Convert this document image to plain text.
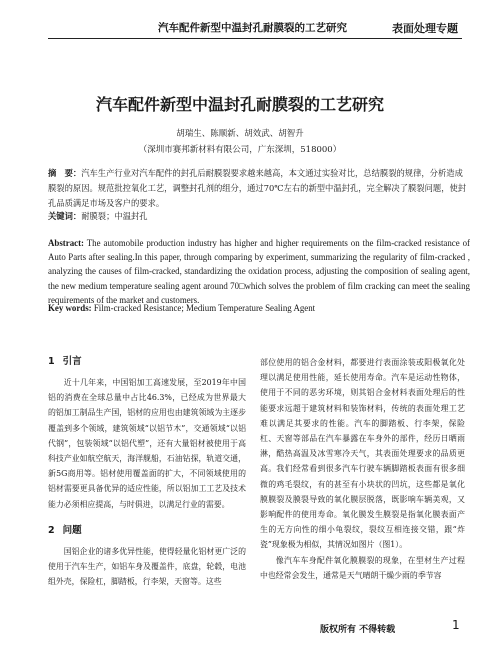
汽车配件新型中温封孔耐膜裂的工艺研究	表面处理专题
汽车配件新型中温封孔耐膜裂的工艺研究
胡瑞生、陈顺新、胡效武、胡智升
（深圳市赛邦新材料有限公司，广东深圳，518000）
摘　要：汽车生产行业对汽车配件的封孔后耐膜裂要求越来越高，本文通过实验对比，总结膜裂的规律，分析造成膜裂的原因。规范批控氧化工艺，调整封孔剂的组分，通过70℃左右的新型中温封孔，完全解决了膜裂问题，使封孔品质满足市场及客户的要求。
关键词：耐膜裂；中温封孔
Abstract: The automobile production industry has higher and higher requirements on the film-cracked resistance of Auto Parts after sealing.In this paper, through comparing by experiment, summarizing the regularity of film-cracked , analyzing the causes of film-cracked, standardizing the oxidation process, adjusting the composition of sealing agent, the new medium temperature sealing agent around 70□which solves the problem of film cracking can meet the sealing requirements of the market and customers.
Key words: Film-cracked Resistance; Medium Temperature Sealing Agent
1 引言

近十几年来，中国铝加工高速发展，至2019年中国铝的消费在全球总量中占比46.3%，已经成为世界最大的铝加工制品生产国，铝材的应用也由建筑领域为主逐步覆盖到多个领域，建筑领域“以铝节木”，交通领域“以铝代钢”，包装领域“以铝代塑”，还有大量铝材被使用于高科技产业如航空航天，海洋舰船，石油钻探，轨道交通，新5G商用等。铝材使用覆盖面的扩大，不同领域使用的铝材需要更具备优异的适应性能，所以铝加工工艺及技术能力必须相应提高，与时俱进，以满足行业的需要。

2 问题

国铝企业的诸多优异性能，使得轻量化铝材更广泛的使用于汽车生产，如铝车身及覆盖件，底盘，轮毂，电池组外壳，保险杠，脚踏板，行李架，天窗等。这些

部位使用的铝合金材料，都要进行表面涂装或阳极氧化处理以满足使用性能，延长使用寿命。汽车是运动性物体，使用于不同的恶劣环境，则其铝合金材料表面处理后的性能要求远超于建筑材料和装饰材料，传统的表面处理工艺难以满足其要求的性能。汽车的脚踏板、行李架，保险杠、天窗等部品在汽车暴露在车身外的部件，经历日晒雨淋，酷热高温及冰雪寒冷天气，其表面处理要求的品质更高。我们经常看到很多汽车行驶车辆脚踏板表面有很多细微的鸡毛裂纹，有的甚至有小块状的凹坑，这些都是氧化膜膜裂及膜裂导致的氧化膜层脱落，既影响车辆美观，又影响配件的使用寿命。氧化膜发生膜裂是指氧化膜表面产生的无方向性的细小龟裂纹，裂纹互相连接交错，跟“炸瓷”现象极为相似，其情况如图片（图1）。

像汽车车身配件氧化膜膜裂的现象，在型材生产过程中也经常会发生，通常是天气晴朗干燥少雨的季节容

版权所有 不得转载	1
